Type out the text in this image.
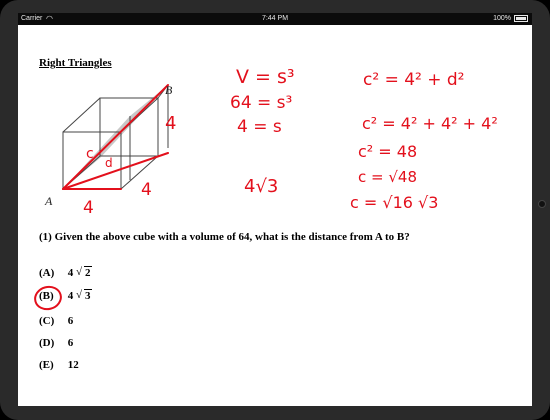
Carrier ◠	7:44 PM	100%
Right Triangles
B
A
c
d
4
4
4
V = s³
64 = s³
4 = s
4√3
c² = 4² + d²
c² = 4² + 4² + 4²
c² = 48
c = √48
c = √16 √3
(1) Given the above cube with a volume of 64, what is the distance from A to B?
(A) 4 √ 2
(B) 4 √ 3
(C) 6
(D) 6
(E) 12
